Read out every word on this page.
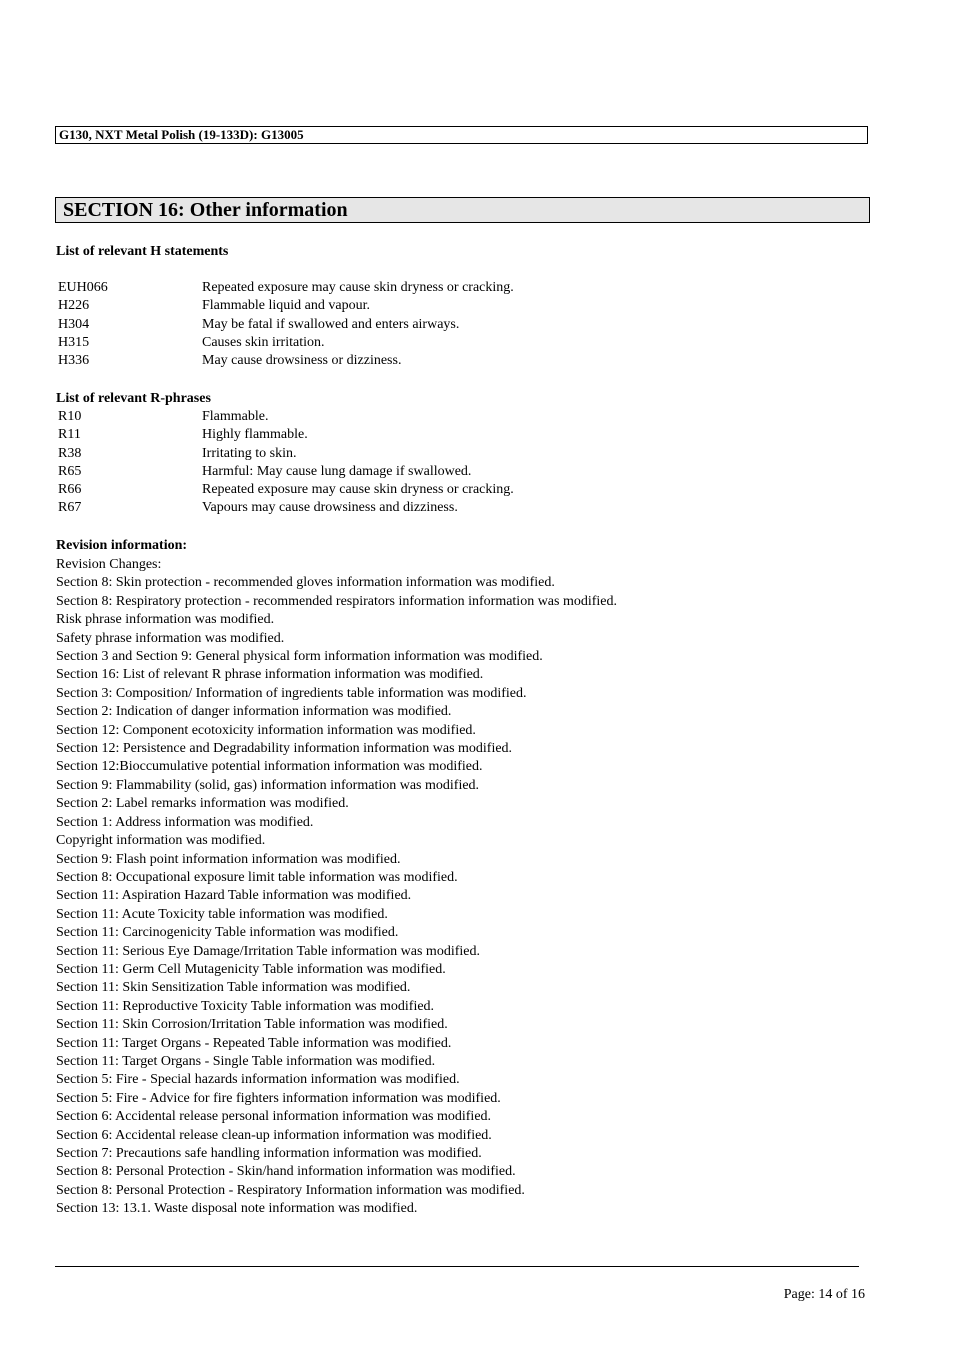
G130, NXT Metal Polish (19-133D): G13005
SECTION 16: Other information
List of relevant H statements
EUH066	Repeated exposure may cause skin dryness or cracking.
H226	Flammable liquid and vapour.
H304	May be fatal if swallowed and enters airways.
H315	Causes skin irritation.
H336	May cause drowsiness or dizziness.
List of relevant R-phrases
R10	Flammable.
R11	Highly flammable.
R38	Irritating to skin.
R65	Harmful: May cause lung damage if swallowed.
R66	Repeated exposure may cause skin dryness or cracking.
R67	Vapours may cause drowsiness and dizziness.
Revision information:
Revision Changes:
Section 8: Skin protection - recommended gloves information information was modified.
Section 8: Respiratory protection - recommended respirators information information was modified.
Risk phrase information was modified.
Safety phrase information was modified.
Section 3 and Section 9: General physical form information information was modified.
Section 16: List of relevant R phrase information information was modified.
Section 3: Composition/ Information of ingredients table information was modified.
Section 2: Indication of danger information information was modified.
Section 12: Component ecotoxicity information information was modified.
Section 12: Persistence and Degradability information information was modified.
Section 12:Bioccumulative potential information information was modified.
Section 9: Flammability (solid, gas) information information was modified.
Section 2: Label remarks information was modified.
Section 1: Address information was modified.
Copyright information was modified.
Section 9: Flash point information information was modified.
Section 8: Occupational exposure limit table information was modified.
Section 11: Aspiration Hazard Table information was modified.
Section 11: Acute Toxicity table information was modified.
Section 11: Carcinogenicity Table information was modified.
Section 11: Serious Eye Damage/Irritation Table information was modified.
Section 11: Germ Cell Mutagenicity Table information was modified.
Section 11: Skin Sensitization Table information was modified.
Section 11: Reproductive Toxicity Table information was modified.
Section 11: Skin Corrosion/Irritation Table information was modified.
Section 11: Target Organs - Repeated Table information was modified.
Section 11: Target Organs - Single Table information was modified.
Section 5: Fire - Special hazards information information was modified.
Section 5: Fire - Advice for fire fighters information information was modified.
Section 6: Accidental release personal information information was modified.
Section 6: Accidental release clean-up information information was modified.
Section 7: Precautions safe handling information information was modified.
Section 8: Personal Protection - Skin/hand information information was modified.
Section 8: Personal Protection - Respiratory Information information was modified.
Section 13: 13.1. Waste disposal note information was modified.
Page: 14 of 16
